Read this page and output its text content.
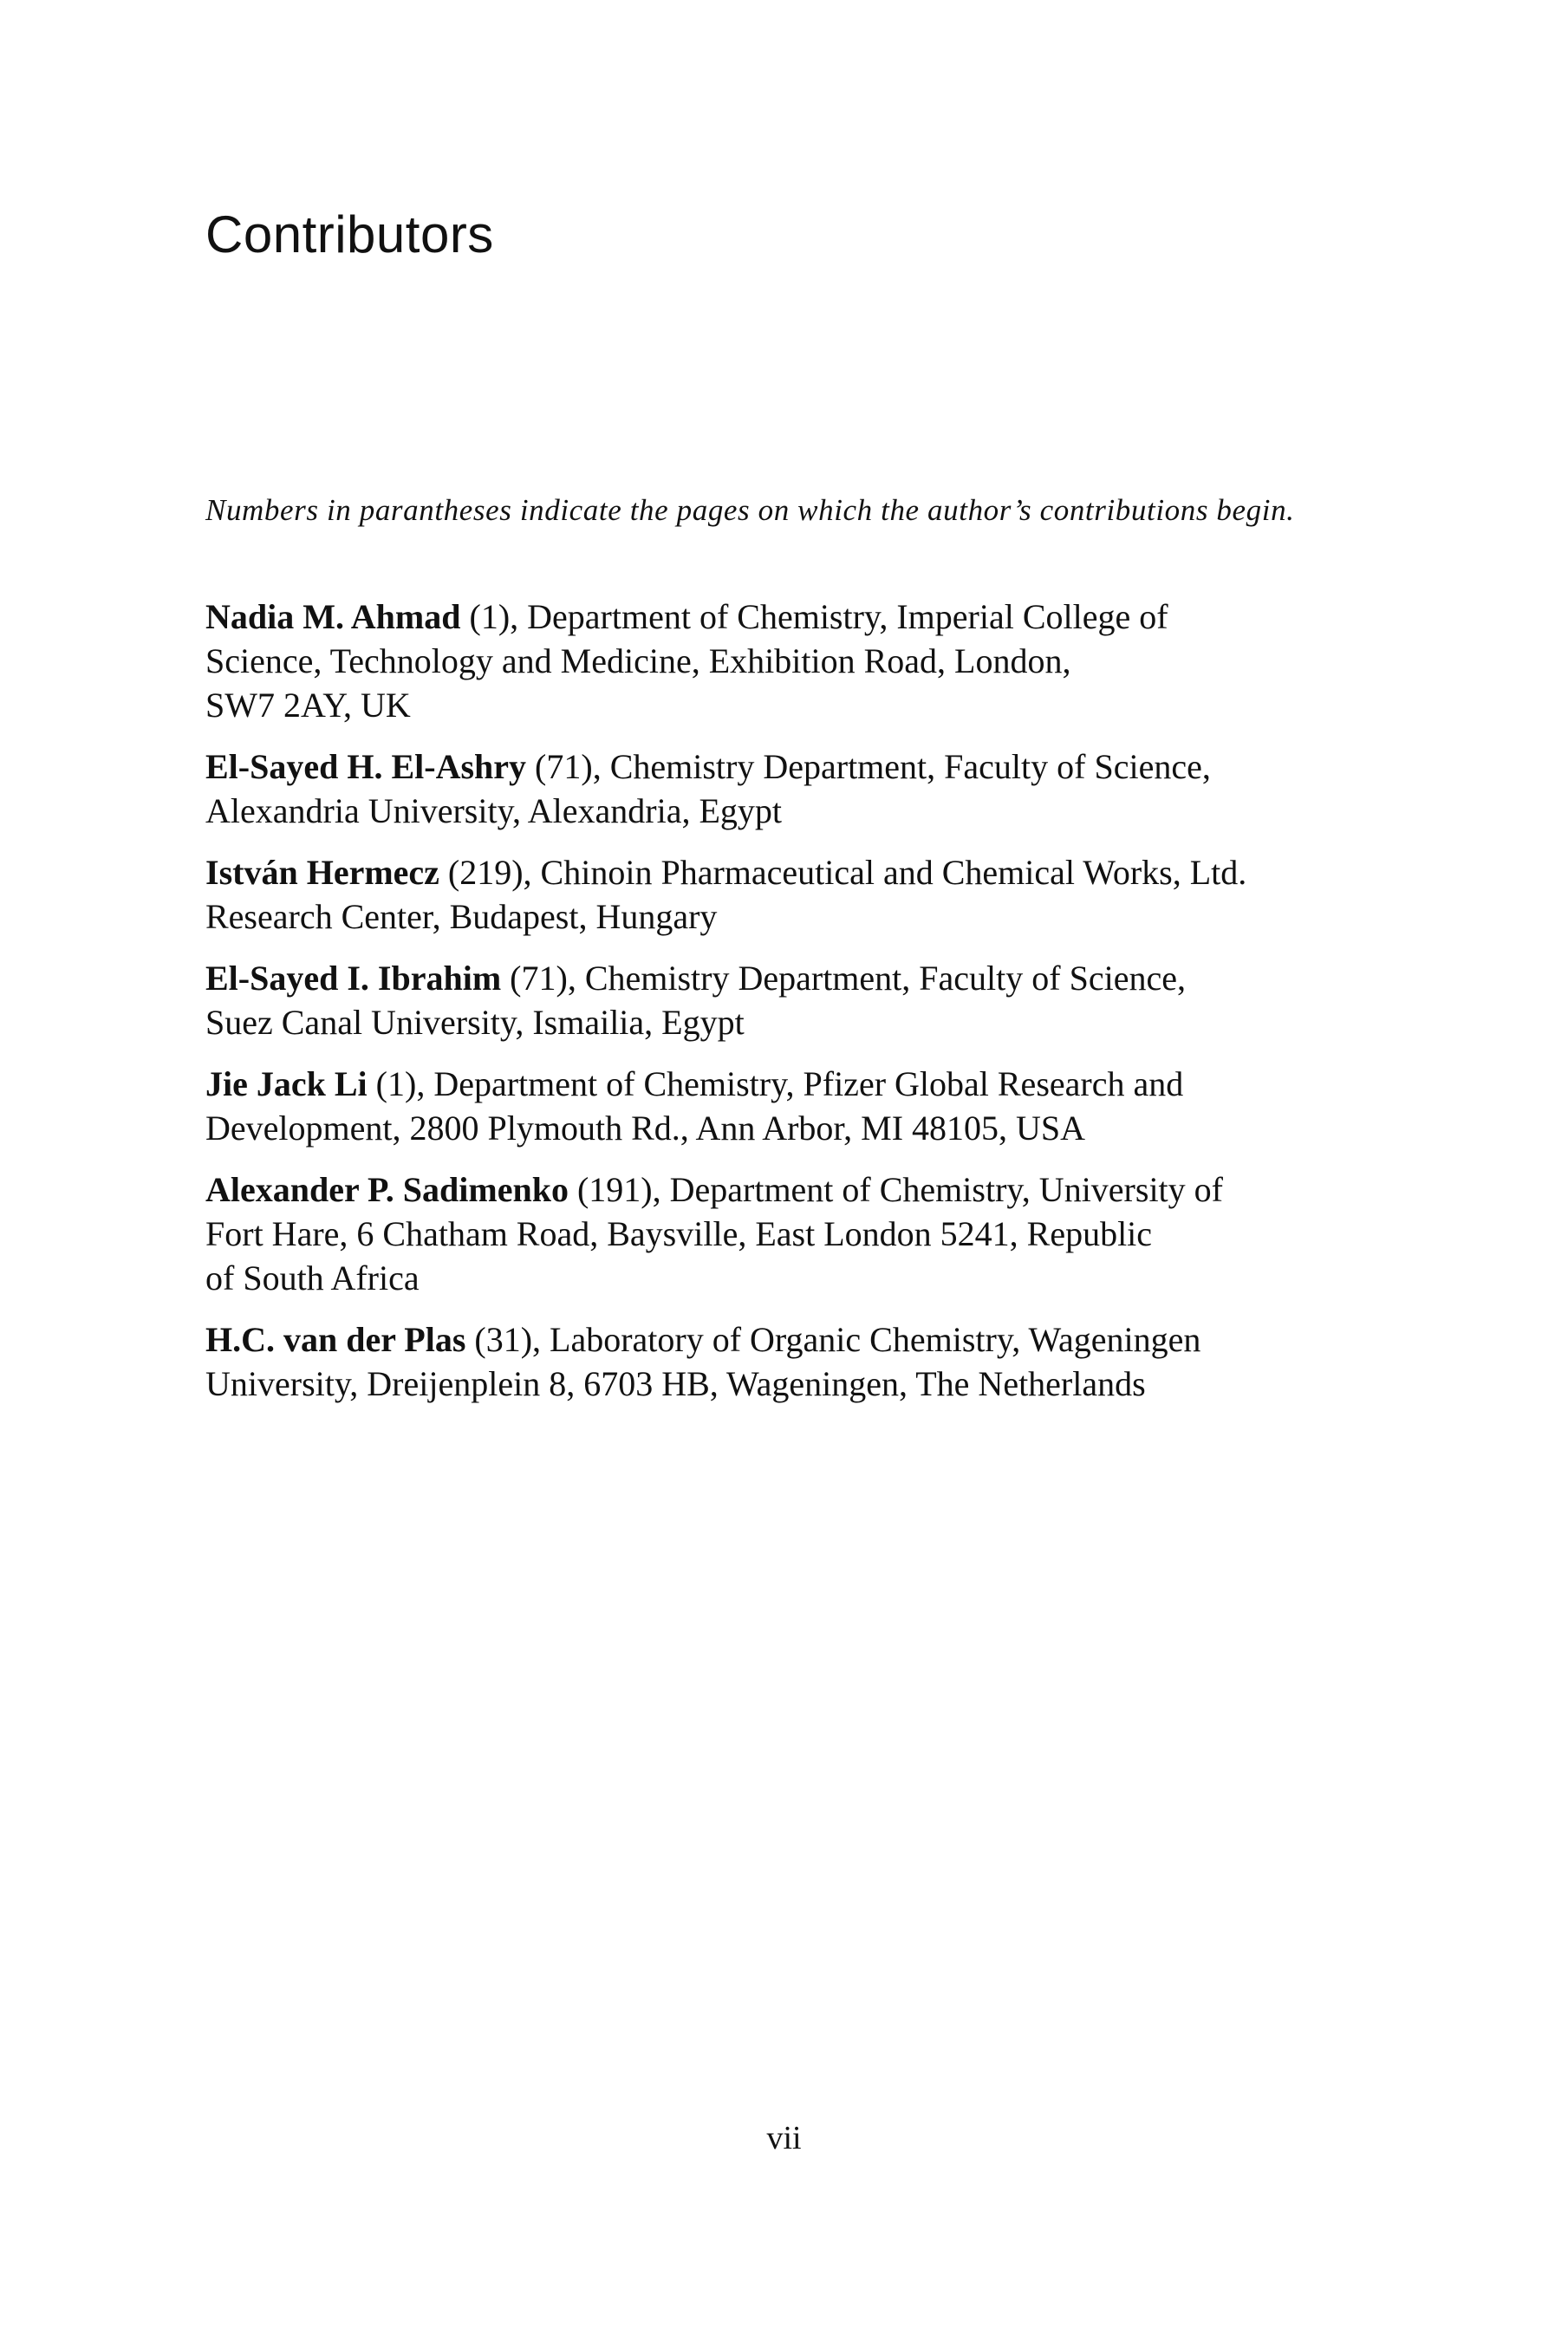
Contributors

Numbers in parantheses indicate the pages on which the author’s contributions begin.

Nadia M. Ahmad (1), Department of Chemistry, Imperial College of
Science, Technology and Medicine, Exhibition Road, London,
SW7 2AY, UK

El-Sayed H. El-Ashry (71), Chemistry Department, Faculty of Science,
Alexandria University, Alexandria, Egypt

István Hermecz (219), Chinoin Pharmaceutical and Chemical Works, Ltd.
Research Center, Budapest, Hungary

El-Sayed I. Ibrahim (71), Chemistry Department, Faculty of Science,
Suez Canal University, Ismailia, Egypt

Jie Jack Li (1), Department of Chemistry, Pfizer Global Research and
Development, 2800 Plymouth Rd., Ann Arbor, MI 48105, USA

Alexander P. Sadimenko (191), Department of Chemistry, University of
Fort Hare, 6 Chatham Road, Baysville, East London 5241, Republic
of South Africa

H.C. van der Plas (31), Laboratory of Organic Chemistry, Wageningen
University, Dreijenplein 8, 6703 HB, Wageningen, The Netherlands

vii
